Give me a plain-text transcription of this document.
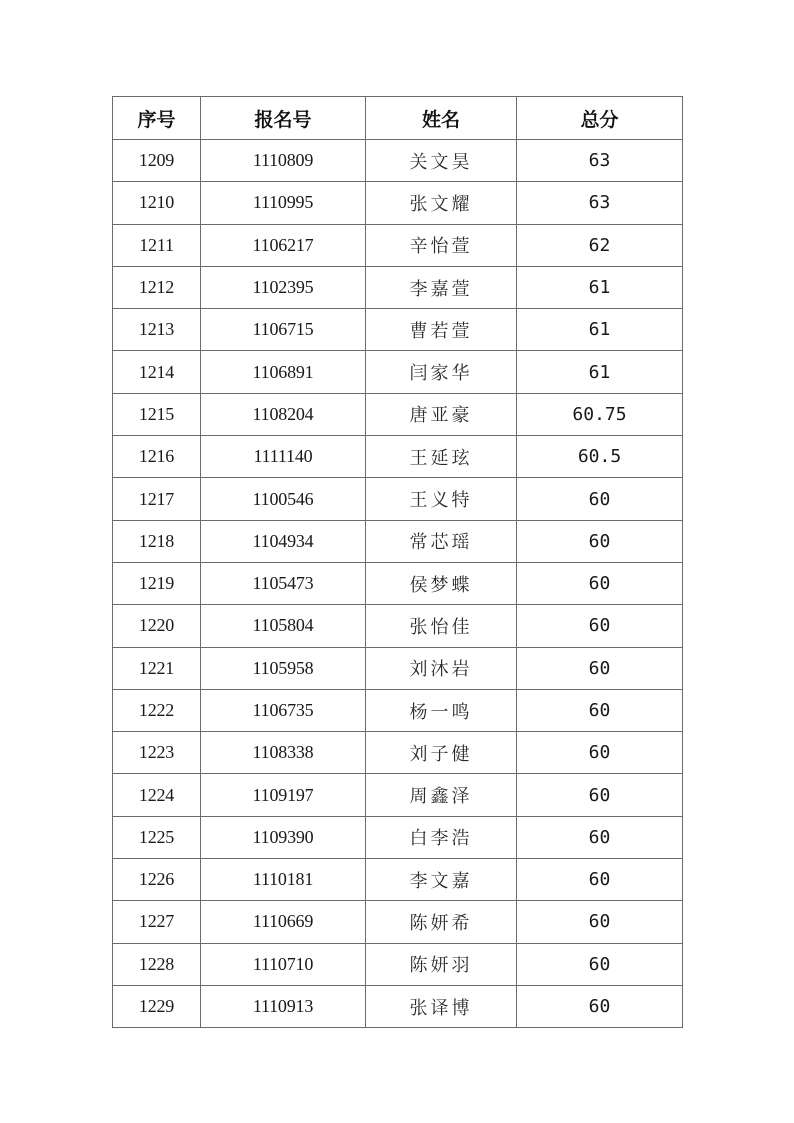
序号	报名号	姓名	总分
1209	1110809	关文昊	63
1210	1110995	张文耀	63
1211	1106217	辛怡萱	62
1212	1102395	李嘉萱	61
1213	1106715	曹若萱	61
1214	1106891	闫家华	61
1215	1108204	唐亚豪	60.75
1216	1111140	王延玹	60.5
1217	1100546	王义特	60
1218	1104934	常芯瑶	60
1219	1105473	侯梦蝶	60
1220	1105804	张怡佳	60
1221	1105958	刘沐岩	60
1222	1106735	杨一鸣	60
1223	1108338	刘子健	60
1224	1109197	周鑫泽	60
1225	1109390	白李浩	60
1226	1110181	李文嘉	60
1227	1110669	陈妍希	60
1228	1110710	陈妍羽	60
1229	1110913	张译博	60
